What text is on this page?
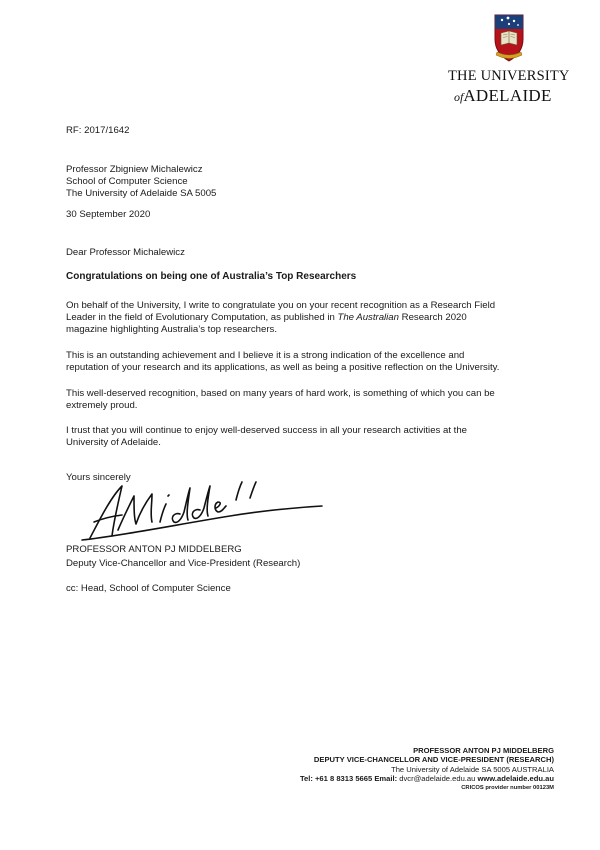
THE UNIVERSITY
ofADELAIDE
RF: 2017/1642
Professor Zbigniew Michalewicz
School of Computer Science
The University of Adelaide SA 5005
30 September 2020
Dear Professor Michalewicz
Congratulations on being one of Australia’s Top Researchers

On behalf of the University, I write to congratulate you on your recent recognition as a Research Field

Leader in the field of Evolutionary Computation, as published in The Australian Research 2020

magazine highlighting Australia’s top researchers.

This is an outstanding achievement and I believe it is a strong indication of the excellence and

reputation of your research and its applications, as well as being a positive reflection on the University.

This well-deserved recognition, based on many years of hard work, is something of which you can be

extremely proud.

I trust that you will continue to enjoy well-deserved success in all your research activities at the

University of Adelaide.

Yours sincerely
PROFESSOR ANTON PJ MIDDELBERG
Deputy Vice-Chancellor and Vice-President (Research)
cc: Head, School of Computer Science
PROFESSOR ANTON PJ MIDDELBERG
DEPUTY VICE-CHANCELLOR AND VICE-PRESIDENT (RESEARCH)
The University of Adelaide SA 5005 AUSTRALIA
Tel: +61 8 8313 5665 Email: dvcr@adelaide.edu.au www.adelaide.edu.au
CRICOS provider number 00123M
